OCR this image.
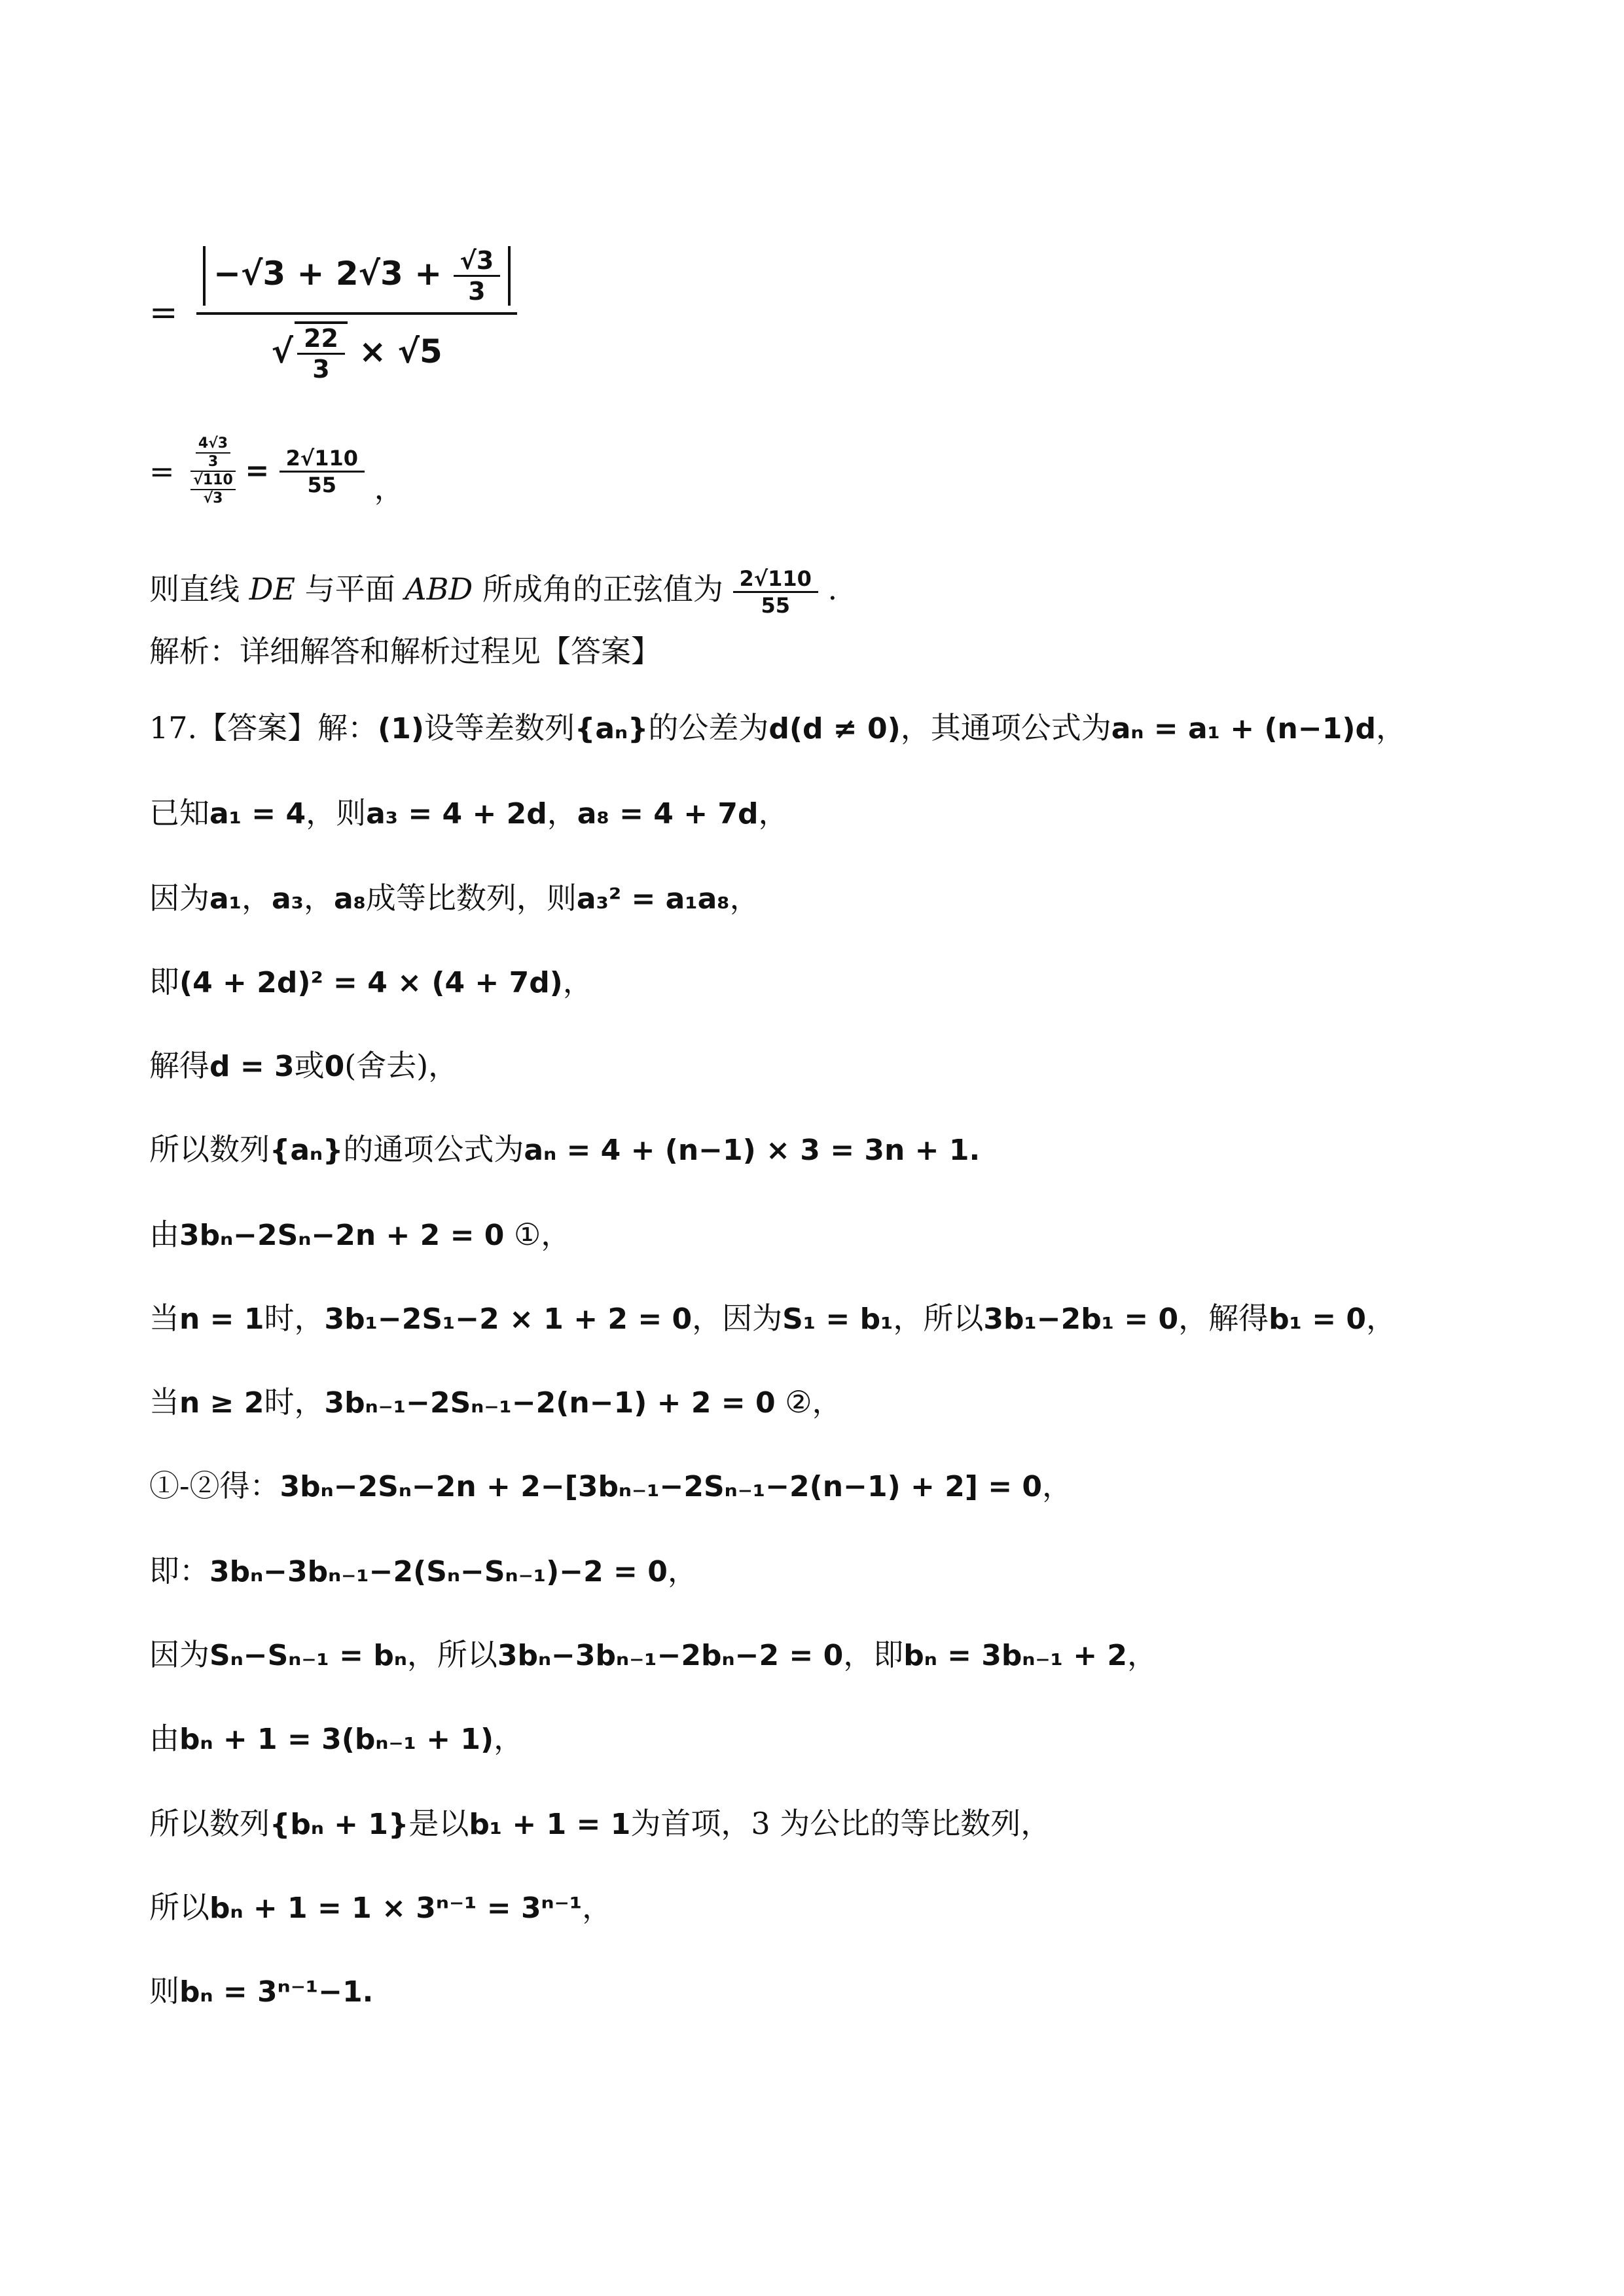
= $\frac{-√3 + 2√3 + \frac{√3}{3}}{√ \frac{22}{3} \times √5}$
= $\frac{\frac{4√3}{3}}{\frac{√110}{√3}} = \frac{2√110}{55}$ ，
则直线 DE 与平面 ABD 所成角的正弦值为 $\frac{2√110}{55}$ .
解析：详细解答和解析过程见【答案】
17.【答案】解：(1)设等差数列{aₙ}的公差为d(d ≠ 0)，其通项公式为aₙ = a₁ + (n−1)d，
已知a₁ = 4，则a₃ = 4 + 2d，a₈ = 4 + 7d，
因为a₁，a₃，a₈成等比数列，则a₃² = a₁a₈，
即(4 + 2d)² = 4 × (4 + 7d)，
解得d = 3或0(舍去)，
所以数列{aₙ}的通项公式为aₙ = 4 + (n−1) × 3 = 3n + 1.
由3bₙ−2Sₙ−2n + 2 = 0 ①，
当n = 1时，3b₁−2S₁−2 × 1 + 2 = 0，因为S₁ = b₁，所以3b₁−2b₁ = 0，解得b₁ = 0，
当n ≥ 2时，3bₙ₋₁−2Sₙ₋₁−2(n−1) + 2 = 0 ②，
①-②得：3bₙ−2Sₙ−2n + 2−[3bₙ₋₁−2Sₙ₋₁−2(n−1) + 2] = 0，
即：3bₙ−3bₙ₋₁−2(Sₙ−Sₙ₋₁)−2 = 0，
因为Sₙ−Sₙ₋₁ = bₙ，所以3bₙ−3bₙ₋₁−2bₙ−2 = 0，即bₙ = 3bₙ₋₁ + 2，
由bₙ + 1 = 3(bₙ₋₁ + 1)，
所以数列{bₙ + 1}是以b₁ + 1 = 1为首项，3 为公比的等比数列，
所以bₙ + 1 = 1 × 3ⁿ⁻¹ = 3ⁿ⁻¹，
则bₙ = 3ⁿ⁻¹−1.
